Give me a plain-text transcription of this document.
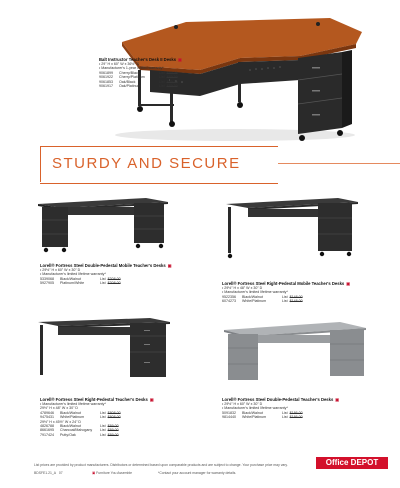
Balt Instructor Teacher's Desk II Desks ▣
• 29" H x 60" W x 36½" D
• Manufacturer's 1-year limited warranty*
9061899	Cherry/Black	List $89.99
9061922	Cherry/Platinum	List $89.99
9061853	Oak/Black	List $89.99
9061917	Oak/Platinum	List $89.99
STURDY AND SECURE
Lorell® Fortress Steel Double-Pedestal Mobile Teacher's Desks ▣
• 29½" H x 60" W x 30" D
• Manufacturer's limited lifetime warranty*
5339068	Black/Walnut	List $308.00
5927905	Platinum/White	List $308.00	Lorell® Fortress Steel Right-Pedestal Mobile Teacher's Desks ▣
• 29½" H x 48" W x 30" D
• Manufacturer's limited lifetime warranty*
9522356	Black/Walnut	List $148.00
6074273	White/Platinum	List $148.00
Lorell® Fortress Steel Right-Pedestal Teacher's Desks ▣
• Manufacturer's limited lifetime warranty*
29½" H x 48" W x 30" D
4789646	Black/Walnut	List $808.00
9475431	White/Platinum	List $808.00
29½" H x 45½" W x 24" D
4826788	Black/Walnut	List $89.00
8661695	Charcoal/Mahogany	List $89.00
7917424	Putty/Oak	List $89.00
Lorell® Fortress Steel Double-Pedestal Teacher's Desks ▣
• 29½" H x 60" W x 30" D
• Manufacturer's limited lifetime warranty*
5091832	Black/Walnut	List $186.00
9814440	White/Platinum	List $186.00
List prices are provided by product manufacturers. Distributors or determined based upon comparable products and are subject to change. Your purchase price may vary.
BDSFE1.21_A 07	▣ Furniture You Assemble	*Contact your account manager for warranty details.
Office DEPOT
